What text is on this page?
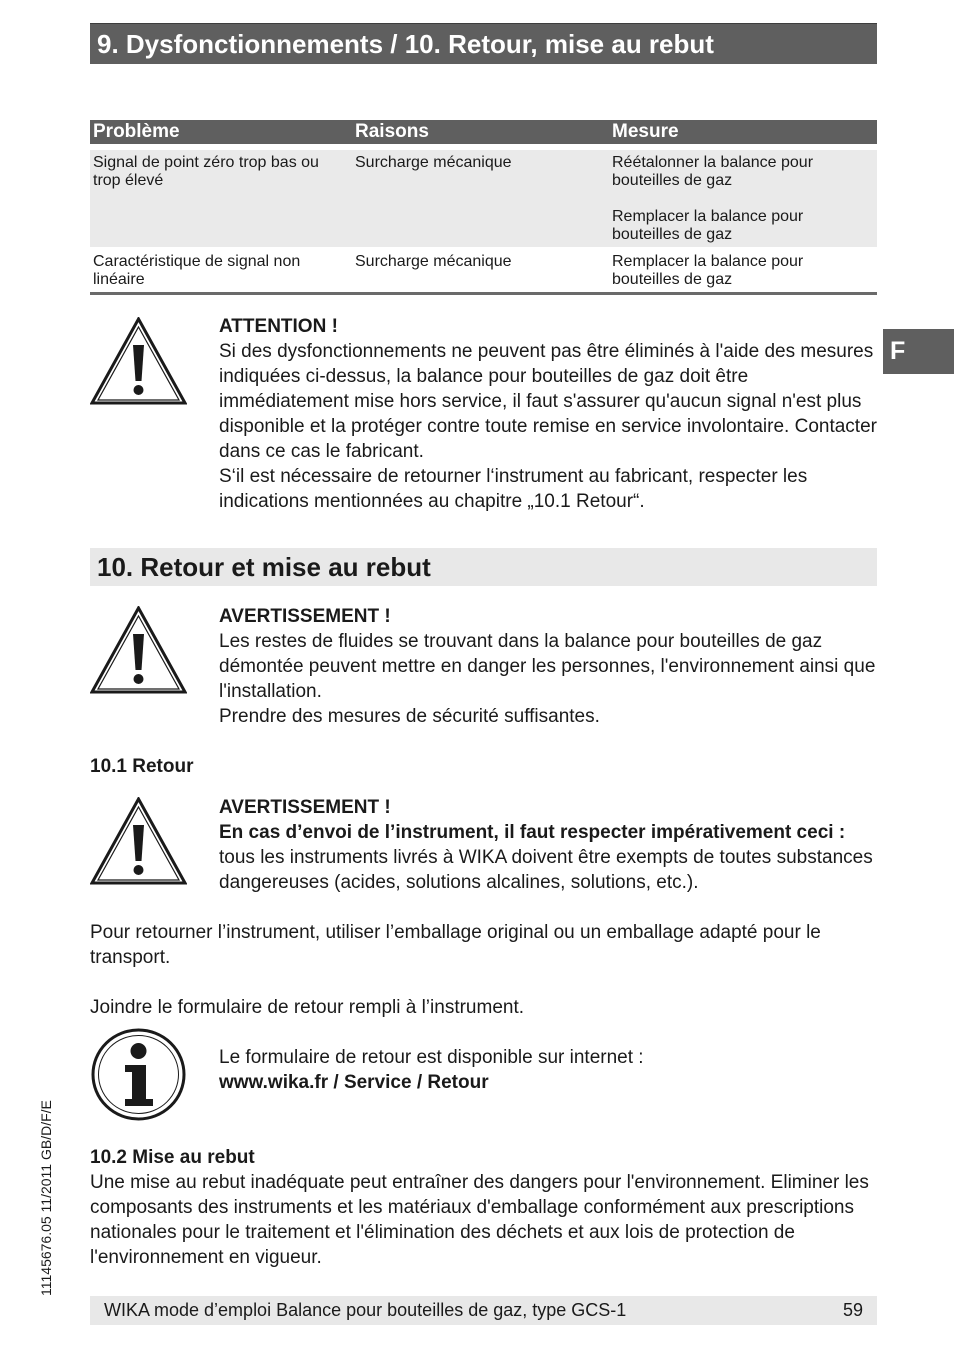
9. Dysfonctionnements / 10. Retour, mise au rebut
Problème	Raisons	Mesure
Signal de point zéro trop bas ou trop élevé	Surcharge mécanique	Réétalonner la balance pour bouteilles de gaz
Remplacer la balance pour bouteilles de gaz
Caractéristique de signal non linéaire	Surcharge mécanique	Remplacer la balance pour bouteilles de gaz
ATTENTION !

Si des dysfonctionnements ne peuvent pas être éliminés à l'aide des mesures indiquées ci-dessus, la balance pour bouteilles de gaz doit être immédiatement mise hors service, il faut s'assurer qu'aucun signal n'est plus disponible et la protéger contre toute remise en service involontaire. Contacter dans ce cas le fabricant.

S‘il est nécessaire de retourner l‘instrument au fabricant, respecter les indications mentionnées au chapitre „10.1 Retour“.

F
10. Retour et mise au rebut
AVERTISSEMENT !

Les restes de fluides se trouvant dans la balance pour bouteilles de gaz démontée peuvent mettre en danger les personnes, l'environnement ainsi que l'installation.

Prendre des mesures de sécurité suffisantes.

10.1 Retour
AVERTISSEMENT !

En cas d’envoi de l’instrument, il faut respecter impérativement ceci : tous les instruments livrés à WIKA doivent être exempts de toutes substances dangereuses (acides, solutions alcalines, solutions, etc.).

Pour retourner l’instrument, utiliser l’emballage original ou un emballage adapté pour le transport.
Joindre le formulaire de retour rempli à l’instrument.

Le formulaire de retour est disponible sur internet :

www.wika.fr / Service / Retour
10.2 Mise au rebut
Une mise au rebut inadéquate peut entraîner des dangers pour l'environnement. Eliminer les composants des instruments et les matériaux d'emballage conformément aux prescriptions nationales pour le traitement et l'élimination des déchets et aux lois de protection de l'environnement en vigueur.
11145676.05 11/2011 GB/D/F/E
WIKA mode d’emploi Balance pour bouteilles de gaz, type GCS-1	59
